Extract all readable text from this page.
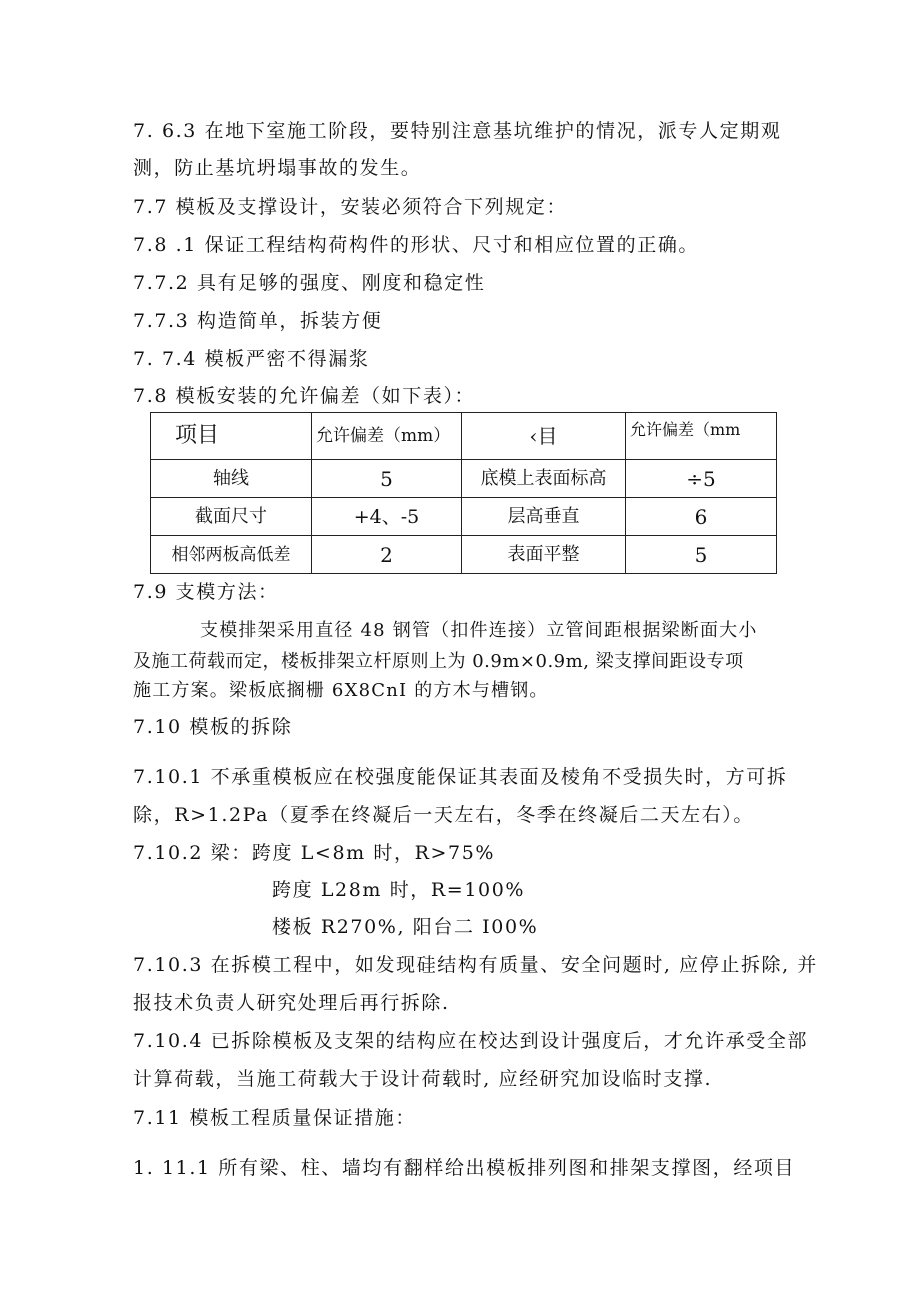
7. 6.3 在地下室施工阶段，要特别注意基坑维护的情况，派专人定期观
测，防止基坑坍塌事故的发生。
7.7 模板及支撑设计，安装必须符合下列规定：
7.8 .1 保证工程结构荷构件的形状、尺寸和相应位置的正确。
7.7.2 具有足够的强度、刚度和稳定性
7.7.3 构造简单，拆装方便
7. 7.4 模板严密不得漏浆
7.8 模板安装的允许偏差（如下表）：
项目	允许偏差（mm）	‹目	允许偏差（mm
轴线	5	底模上表面标高	÷5
截面尺寸	+4、-5	层高垂直	6
相邻两板高低差	2	表面平整	5
7.9 支模方法：
支模排架采用直径 48 钢管（扣件连接）立管间距根据梁断面大小
及施工荷载而定，楼板排架立杆原则上为 0.9m×0.9m, 梁支撑间距设专项
施工方案。梁板底搁栅 6X8CnI 的方木与槽钢。
7.10 模板的拆除
7.10.1 不承重模板应在校强度能保证其表面及棱角不受损失时，方可拆
除，R>1.2Pa（夏季在终凝后一天左右，冬季在终凝后二天左右）。
7.10.2 梁：跨度 L<8m 时，R>75%
跨度 L28m 时，R=100%
楼板 R270%, 阳台二 I00%
7.10.3 在拆模工程中，如发现硅结构有质量、安全问题时, 应停止拆除, 并
报技术负责人研究处理后再行拆除.
7.10.4 已拆除模板及支架的结构应在校达到设计强度后，才允许承受全部
计算荷载，当施工荷载大于设计荷载时, 应经研究加设临时支撑.
7.11 模板工程质量保证措施：
1. 11.1 所有梁、柱、墙均有翻样给出模板排列图和排架支撑图，经项目
